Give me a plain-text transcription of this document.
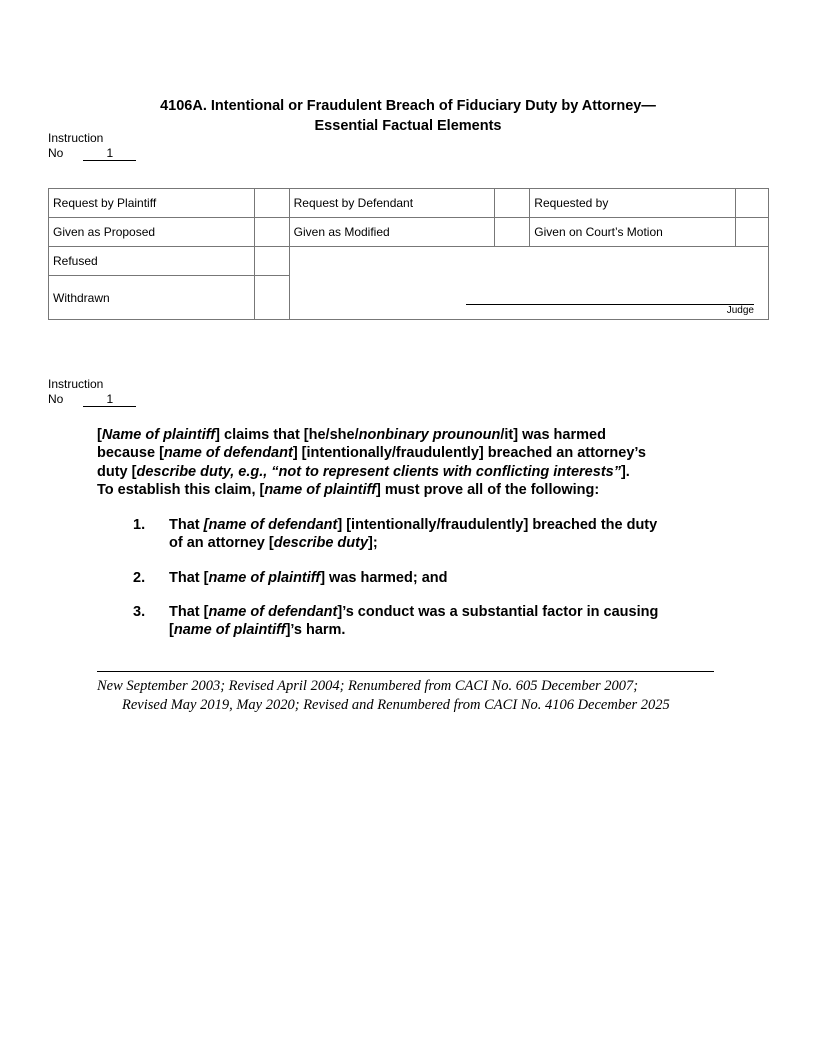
4106A. Intentional or Fraudulent Breach of Fiduciary Duty by Attorney—
Essential Factual Elements
Instruction
No	1
Request by Plaintiff		Request by Defendant		Requested by	
Given as Proposed		Given as Modified		Given on Court’s Motion	
Refused					
Withdrawn					
Judge
Instruction
No	1
[Name of plaintiff] claims that [he/she/nonbinary prounoun/it] was harmed
because [name of defendant] [intentionally/fraudulently] breached an attorney’s
duty [describe duty, e.g., “not to represent clients with conflicting interests”].
To establish this claim, [name of plaintiff] must prove all of the following:
1.	That [name of defendant] [intentionally/fraudulently] breached the duty
of an attorney [describe duty];
2.	That [name of plaintiff] was harmed; and
3.	That [name of defendant]’s conduct was a substantial factor in causing
[name of plaintiff]’s harm.
New September 2003; Revised April 2004; Renumbered from CACI No. 605 December 2007;
Revised May 2019, May 2020; Revised and Renumbered from CACI No. 4106 December 2025
